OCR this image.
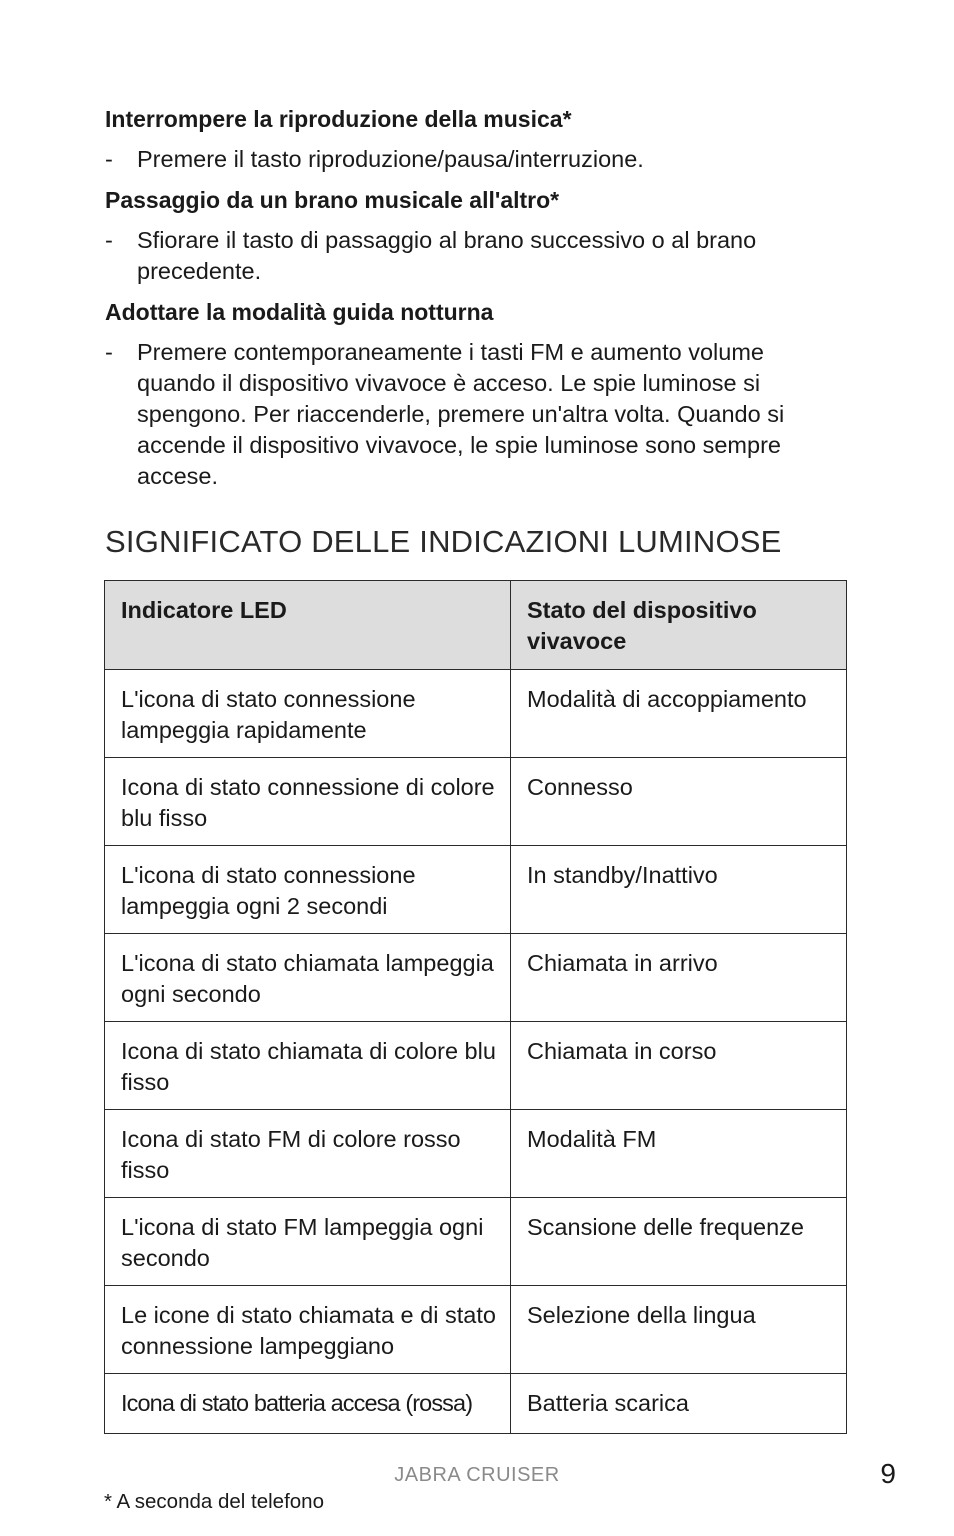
Interrompere la riproduzione della musica*
- Premere il tasto riproduzione/pausa/interruzione.
Passaggio da un brano musicale all'altro*
- Sfiorare il tasto di passaggio al brano successivo o al brano precedente.
Adottare la modalità guida notturna
- Premere contemporaneamente i tasti FM e aumento volume quando il dispositivo vivavoce è acceso. Le spie luminose si spengono. Per riaccenderle, premere un'altra volta. Quando si accende il dispositivo vivavoce, le spie luminose sono sempre accese.
SIGNIFICATO DELLE INDICAZIONI LUMINOSE
Indicatore LED	Stato del dispositivo vivavoce
L'icona di stato connessione lampeggia rapidamente	Modalità di accoppiamento
Icona di stato connessione di colore blu fisso	Connesso
L'icona di stato connessione lampeggia ogni 2 secondi	In standby/Inattivo
L'icona di stato chiamata lampeggia ogni secondo	Chiamata in arrivo
Icona di stato chiamata di colore blu fisso	Chiamata in corso
Icona di stato FM di colore rosso fisso	Modalità FM
L'icona di stato FM lampeggia ogni secondo	Scansione delle frequenze
Le icone di stato chiamata e di stato connessione lampeggiano	Selezione della lingua
Icona di stato batteria accesa (rossa)	Batteria scarica
JABRA CRUISER	9
* A seconda del telefono
